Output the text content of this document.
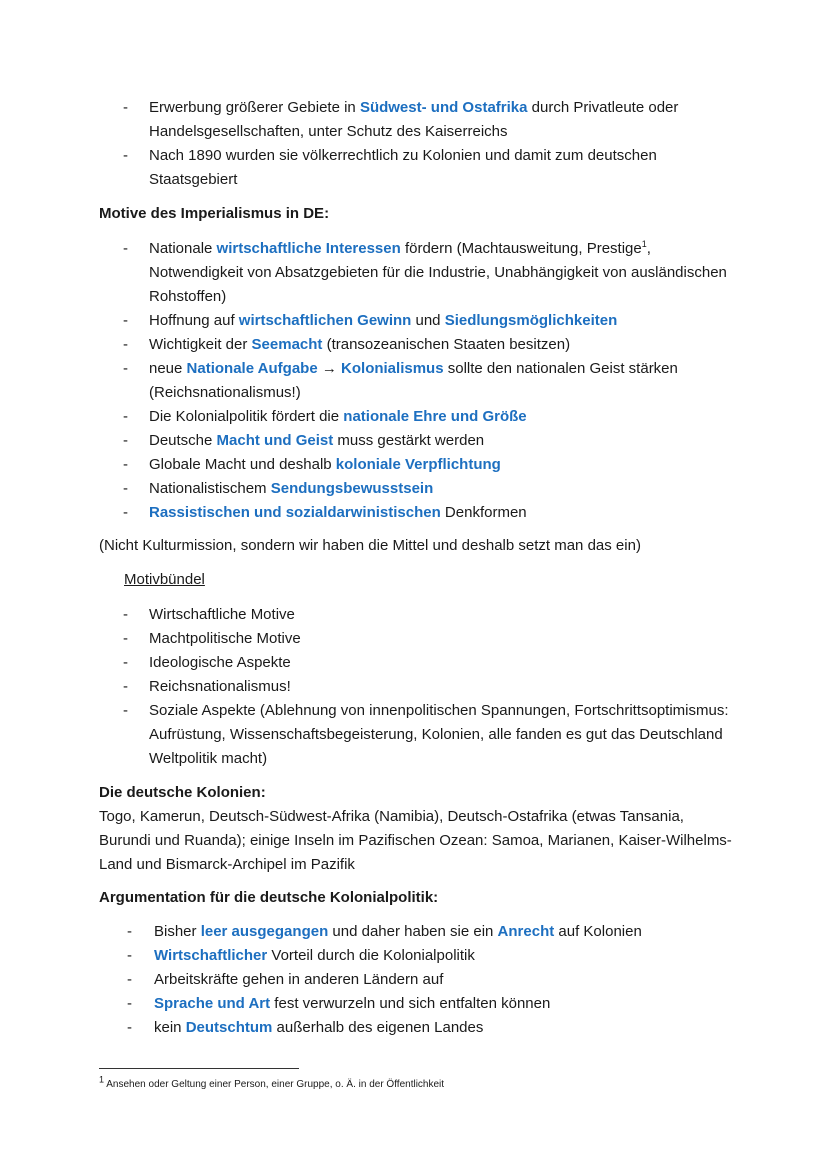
- Erwerbung größerer Gebiete in Südwest- und Ostafrika durch Privatleute oder Handelsgesellschaften, unter Schutz des Kaiserreichs
- Nach 1890 wurden sie völkerrechtlich zu Kolonien und damit zum deutschen Staatsgebiert
Motive des Imperialismus in DE:
- Nationale wirtschaftliche Interessen fördern (Machtausweitung, Prestige$^1$, Notwendigkeit von Absatzgebieten für die Industrie, Unabhängigkeit von ausländischen Rohstoffen)
- Hoffnung auf wirtschaftlichen Gewinn und Siedlungsmöglichkeiten
- Wichtigkeit der Seemacht (transozeanischen Staaten besitzen)
- neue Nationale Aufgabe → Kolonialismus sollte den nationalen Geist stärken (Reichsnationalismus!)
- Die Kolonialpolitik fördert die nationale Ehre und Größe
- Deutsche Macht und Geist muss gestärkt werden
- Globale Macht und deshalb koloniale Verpflichtung
- Nationalistischem Sendungsbewusstsein
- Rassistischen und sozialdarwinistischen Denkformen
(Nicht Kulturmission, sondern wir haben die Mittel und deshalb setzt man das ein)
Motivbündel
- Wirtschaftliche Motive
- Machtpolitische Motive
- Ideologische Aspekte
- Reichsnationalismus!
- Soziale Aspekte (Ablehnung von innenpolitischen Spannungen, Fortschrittsoptimismus: Aufrüstung, Wissenschaftsbegeisterung, Kolonien, alle fanden es gut das Deutschland Weltpolitik macht)
Die deutsche Kolonien:
Togo, Kamerun, Deutsch-Südwest-Afrika (Namibia), Deutsch-Ostafrika (etwas Tansania, Burundi und Ruanda); einige Inseln im Pazifischen Ozean: Samoa, Marianen, Kaiser-Wilhelms-Land und Bismarck-Archipel im Pazifik
Argumentation für die deutsche Kolonialpolitik:
- Bisher leer ausgegangen und daher haben sie ein Anrecht auf Kolonien
- Wirtschaftlicher Vorteil durch die Kolonialpolitik
- Arbeitskräfte gehen in anderen Ländern auf
- Sprache und Art fest verwurzeln und sich entfalten können
- kein Deutschtum außerhalb des eigenen Landes
$^1$ Ansehen oder Geltung einer Person, einer Gruppe, o. Ä. in der Öffentlichkeit
